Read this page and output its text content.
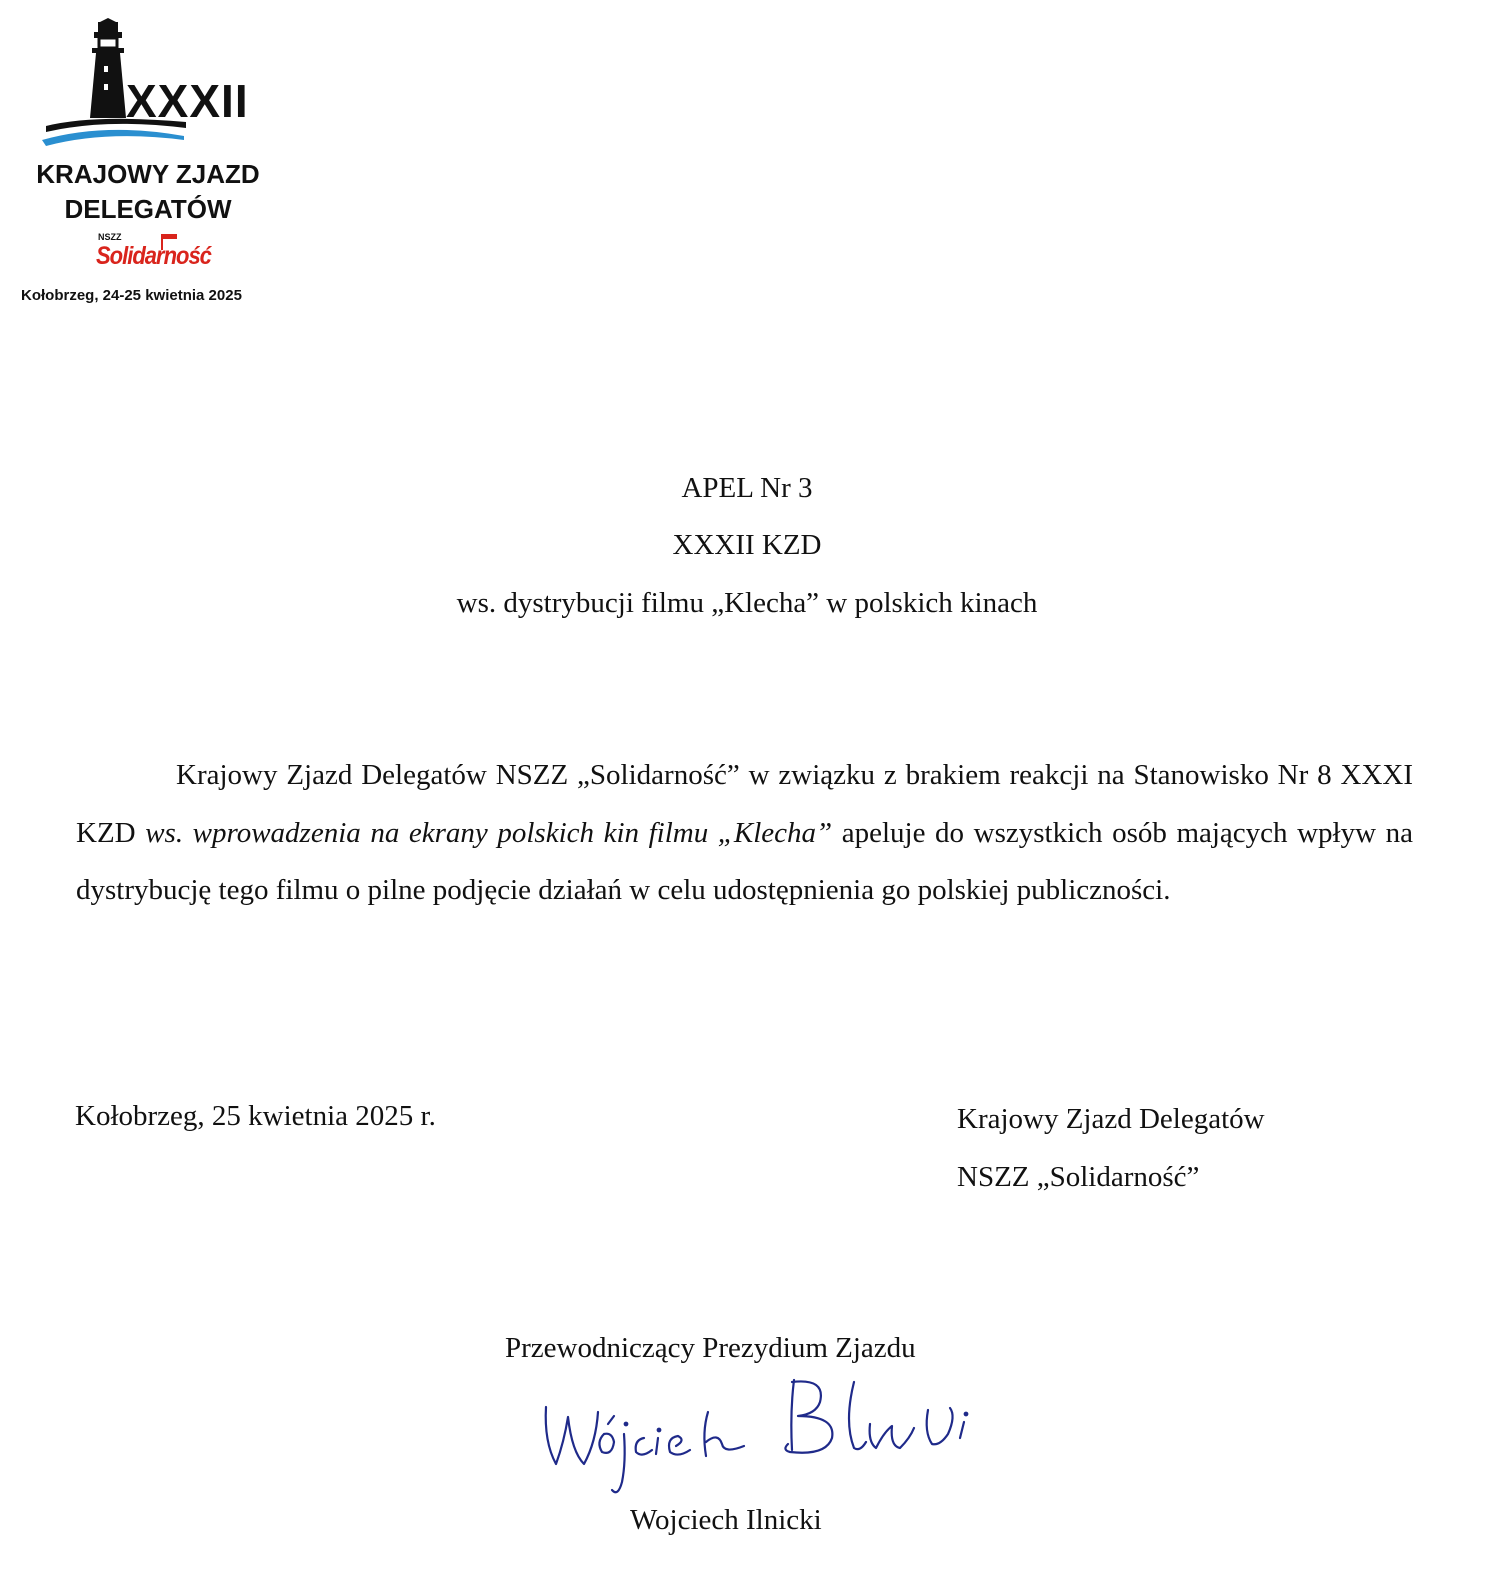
XXXII
KRAJOWY ZJAZD
DELEGATÓW
NSZZ
Solidarność
Kołobrzeg, 24-25 kwietnia 2025
APEL Nr 3
XXXII KZD
ws. dystrybucji filmu „Klecha” w polskich kinach

Krajowy Zjazd Delegatów NSZZ „Solidarność” w związku z brakiem reakcji na Stanowisko Nr 8 XXXI KZD ws. wprowadzenia na ekrany polskich kin filmu „Klecha” apeluje do wszystkich osób mających wpływ na dystrybucję tego filmu o pilne podjęcie działań w celu udostępnienia go polskiej publiczności.

Kołobrzeg, 25 kwietnia 2025 r.	Krajowy Zjazd Delegatów
NSZZ „Solidarność”
Przewodniczący Prezydium Zjazdu
Wojciech Ilnicki
